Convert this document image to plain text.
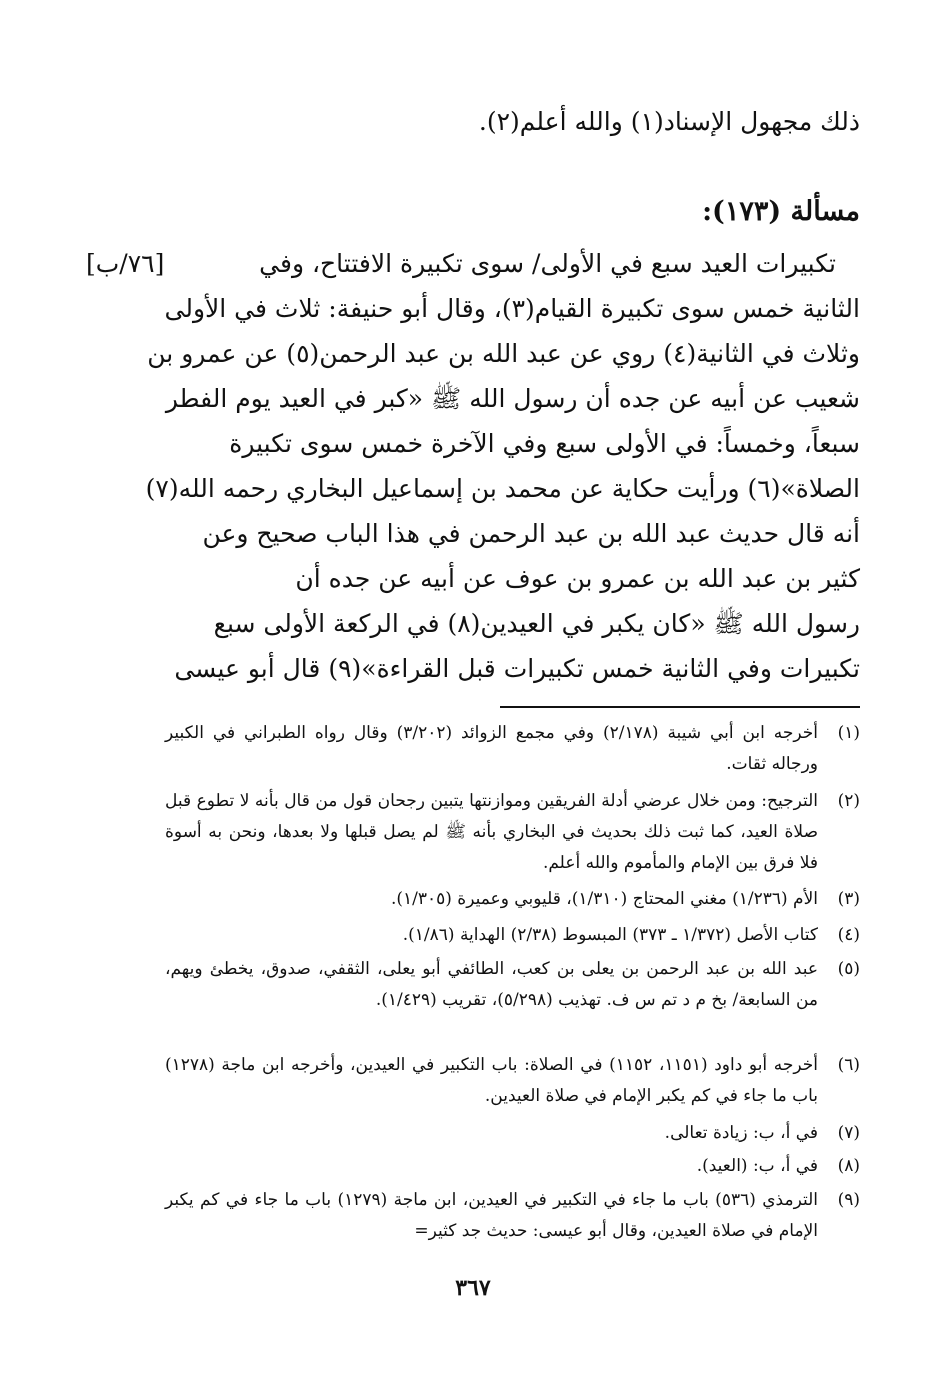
ذلك مجهول الإسناد(١) والله أعلم(٢).
مسألة (١٧٣):
[٧٦/ب]	تكبيرات العيد سبع في الأولى/ سوى تكبيرة الافتتاح، وفي
الثانية خمس سوى تكبيرة القيام(٣)، وقال أبو حنيفة: ثلاث في الأولى
وثلاث في الثانية(٤) روي عن عبد الله بن عبد الرحمن(٥) عن عمرو بن
شعيب عن أبيه عن جده أن رسول الله ﷺ «كبر في العيد يوم الفطر
سبعاً، وخمساً: في الأولى سبع وفي الآخرة خمس سوى تكبيرة
الصلاة»(٦) ورأيت حكاية عن محمد بن إسماعيل البخاري رحمه الله(٧)
أنه قال حديث عبد الله بن عبد الرحمن في هذا الباب صحيح وعن
كثير بن عبد الله بن عمرو بن عوف عن أبيه عن جده أن
رسول الله ﷺ «كان يكبر في العيدين(٨) في الركعة الأولى سبع
تكبيرات وفي الثانية خمس تكبيرات قبل القراءة»(٩) قال أبو عيسى
(١)
أخرجه ابن أبي شيبة (٢/١٧٨) وفي مجمع الزوائد (٣/٢٠٢) وقال رواه الطبراني في الكبير ورجاله ثقات.
(٢)
الترجيح: ومن خلال عرضي أدلة الفريقين وموازنتها يتبين رجحان قول من قال بأنه لا تطوع قبل صلاة العيد، كما ثبت ذلك بحديث في البخاري بأنه ﷺ لم يصل قبلها ولا بعدها، ونحن به أسوة فلا فرق بين الإمام والمأموم والله أعلم.
(٣)
الأم (١/٢٣٦) مغني المحتاج (١/٣١٠)، قليوبي وعميرة (١/٣٠٥).
(٤)
كتاب الأصل (١/٣٧٢ ـ ٣٧٣) المبسوط (٢/٣٨) الهداية (١/٨٦).
(٥)
عبد الله بن عبد الرحمن بن يعلى بن كعب، الطائفي أبو يعلى، الثقفي، صدوق، يخطئ ويهم، من السابعة/ بخ م د تم س ف. تهذيب (٥/٢٩٨)، تقريب (١/٤٢٩).
(٦)
أخرجه أبو داود (١١٥١، ١١٥٢) في الصلاة: باب التكبير في العيدين، وأخرجه ابن ماجة (١٢٧٨) باب ما جاء في كم يكبر الإمام في صلاة العيدين.
(٧)
في أ، ب: زيادة تعالى.
(٨)
في أ، ب: (العيد).
(٩)
الترمذي (٥٣٦) باب ما جاء في التكبير في العيدين، ابن ماجة (١٢٧٩) باب ما جاء في كم يكبر الإمام في صلاة العيدين، وقال أبو عيسى: حديث جد كثير=
٣٦٧
